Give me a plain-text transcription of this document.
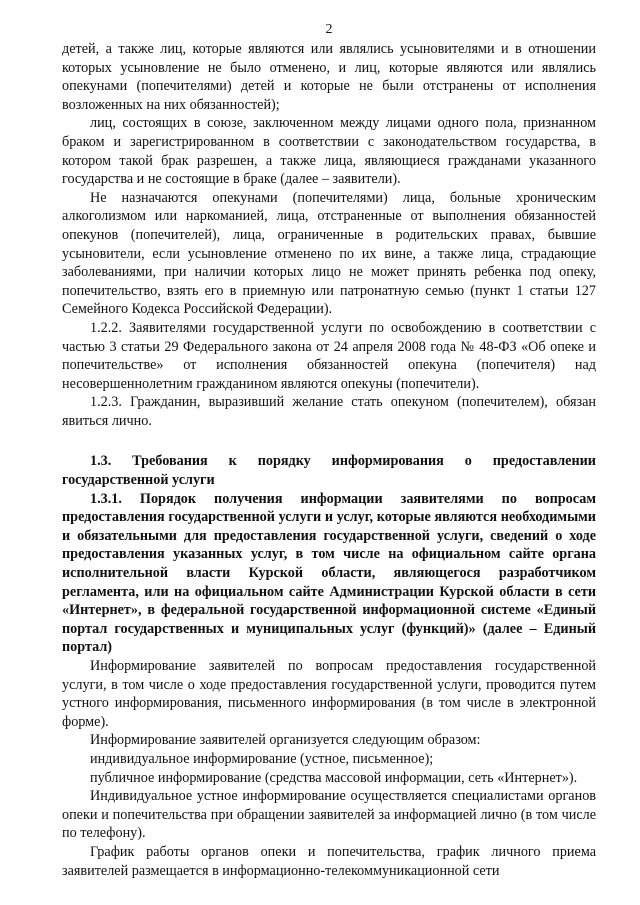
2

детей, а также лиц, которые являются или являлись усыновителями и в отношении которых усыновление не было отменено, и лиц, которые являются или являлись опекунами (попечителями) детей и которые не были отстранены от исполнения возложенных на них обязанностей);

лиц, состоящих в союзе, заключенном между лицами одного пола, признанном браком и зарегистрированном в соответствии с законодательством государства, в котором такой брак разрешен, а также лица, являющиеся гражданами указанного государства и не состоящие в браке (далее – заявители).

Не назначаются опекунами (попечителями) лица, больные хроническим алкоголизмом или наркоманией, лица, отстраненные от выполнения обязанностей опекунов (попечителей), лица, ограниченные в родительских правах, бывшие усыновители, если усыновление отменено по их вине, а также лица, страдающие заболеваниями, при наличии которых лицо не может принять ребенка под опеку, попечительство, взять его в приемную или патронатную семью (пункт 1 статьи 127 Семейного Кодекса Российской Федерации).

1.2.2. Заявителями государственной услуги по освобождению в соответствии с частью 3 статьи 29 Федерального закона от 24 апреля 2008 года № 48-ФЗ «Об опеке и попечительстве» от исполнения обязанностей опекуна (попечителя) над несовершеннолетним гражданином являются опекуны (попечители).

1.2.3. Гражданин, выразивший желание стать опекуном (попечителем), обязан явиться лично.

1.3. Требования к порядку информирования о предоставлении государственной услуги

1.3.1. Порядок получения информации заявителями по вопросам предоставления государственной услуги и услуг, которые являются необходимыми и обязательными для предоставления государственной услуги, сведений о ходе предоставления указанных услуг, в том числе на официальном сайте органа исполнительной власти Курской области, являющегося разработчиком регламента, или на официальном сайте Администрации Курской области в сети «Интернет», в федеральной государственной информационной системе «Единый портал государственных и муниципальных услуг (функций)» (далее – Единый портал)

Информирование заявителей по вопросам предоставления государственной услуги, в том числе о ходе предоставления государственной услуги, проводится путем устного информирования, письменного информирования (в том числе в электронной форме).

Информирование заявителей организуется следующим образом:

индивидуальное информирование (устное, письменное);

публичное информирование (средства массовой информации, сеть «Интернет»).

Индивидуальное устное информирование осуществляется специалистами органов опеки и попечительства при обращении заявителей за информацией лично (в том числе по телефону).

График работы органов опеки и попечительства, график личного приема заявителей размещается в информационно-телекоммуникационной сети
